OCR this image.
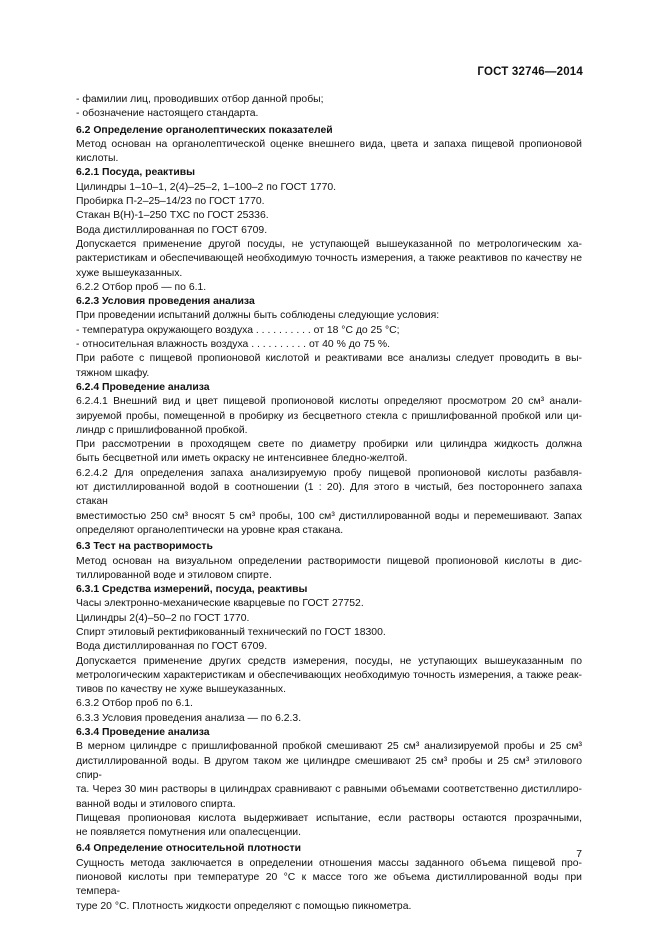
ГОСТ 32746—2014

- фамилии лиц, проводивших отбор данной пробы;

- обозначение настоящего стандарта.

6.2 Определение органолептических показателей

Метод основан на органолептической оценке внешнего вида, цвета и запаха пищевой пропионовой

кислоты.

6.2.1 Посуда, реактивы

Цилиндры 1–10–1, 2(4)–25–2, 1–100–2 по ГОСТ 1770.

Пробирка П-2–25–14/23 по ГОСТ 1770.

Стакан В(Н)-1–250 ТХС по ГОСТ 25336.

Вода дистиллированная по ГОСТ 6709.

Допускается применение другой посуды, не уступающей вышеуказанной по метрологическим ха-

рактеристикам и обеспечивающей необходимую точность измерения, а также реактивов по качеству не

хуже вышеуказанных.

6.2.2 Отбор проб — по 6.1.

6.2.3 Условия проведения анализа

При проведении испытаний должны быть соблюдены следующие условия:

- температура окружающего воздуха . . . . . . . . . . от 18 °С до 25 °С;

- относительная влажность воздуха . . . . . . . . . . от 40 % до 75 %.

При работе с пищевой пропионовой кислотой и реактивами все анализы следует проводить в вы-

тяжном шкафу.

6.2.4 Проведение анализа

6.2.4.1 Внешний вид и цвет пищевой пропионовой кислоты определяют просмотром 20 см³ анали-

зируемой пробы, помещенной в пробирку из бесцветного стекла с пришлифованной пробкой или ци-

линдр с пришлифованной пробкой.

При рассмотрении в проходящем свете по диаметру пробирки или цилиндра жидкость должна

быть бесцветной или иметь окраску не интенсивнее бледно-желтой.

6.2.4.2 Для определения запаха анализируемую пробу пищевой пропионовой кислоты разбавля-

ют дистиллированной водой в соотношении (1 : 20). Для этого в чистый, без постороннего запаха стакан

вместимостью 250 см³ вносят 5 см³ пробы, 100 см³ дистиллированной воды и перемешивают. Запах

определяют органолептически на уровне края стакана.

6.3 Тест на растворимость

Метод основан на визуальном определении растворимости пищевой пропионовой кислоты в дис-

тиллированной воде и этиловом спирте.

6.3.1 Средства измерений, посуда, реактивы

Часы электронно-механические кварцевые по ГОСТ 27752.

Цилиндры 2(4)–50–2 по ГОСТ 1770.

Спирт этиловый ректификованный технический по ГОСТ 18300.

Вода дистиллированная по ГОСТ 6709.

Допускается применение других средств измерения, посуды, не уступающих вышеуказанным по

метрологическим характеристикам и обеспечивающих необходимую точность измерения, а также реак-

тивов по качеству не хуже вышеуказанных.

6.3.2 Отбор проб по 6.1.

6.3.3 Условия проведения анализа — по 6.2.3.

6.3.4 Проведение анализа

В мерном цилиндре с пришлифованной пробкой смешивают 25 см³ анализируемой пробы и 25 см³

дистиллированной воды. В другом таком же цилиндре смешивают 25 см³ пробы и 25 см³ этилового спир-

та. Через 30 мин растворы в цилиндрах сравнивают с равными объемами соответственно дистиллиро-

ванной воды и этилового спирта.

Пищевая пропионовая кислота выдерживает испытание, если растворы остаются прозрачными,

не появляется помутнения или опалесценции.

6.4 Определение относительной плотности

Сущность метода заключается в определении отношения массы заданного объема пищевой про-

пионовой кислоты при температуре 20 °С к массе того же объема дистиллированной воды при темпера-

туре 20 °С. Плотность жидкости определяют с помощью пикнометра.

7
